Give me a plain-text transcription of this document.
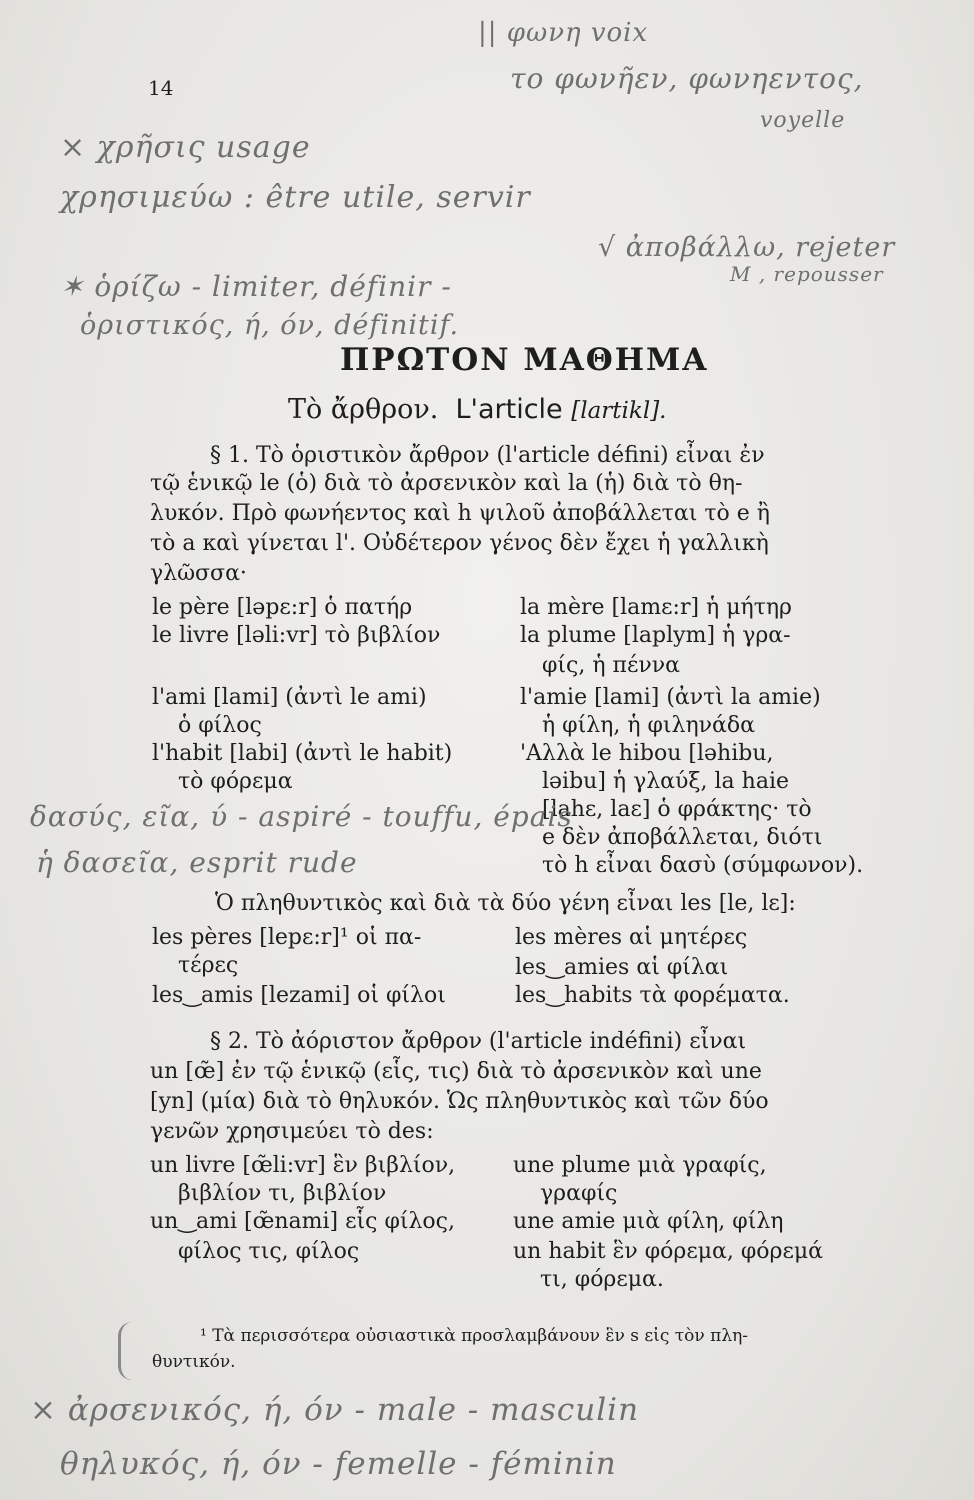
|| φωνη voix
το φωνῆεν, φωνηεντος,
voyelle
× χρῆσις usage
χρησιμεύω : être utile, servir
√ ἀποβάλλω, rejeter
M , repousser
✶ ὁρίζω - limiter, définir -
ὁριστικός, ή, όν, définitif.
14
ΠΡΩΤΟΝ ΜΑΘΗΜΑ
Τὸ ἄρθρον. L'article [lartikl].
§ 1. Τὸ ὁριστικὸν ἄρθρον (l'article défini) εἶναι ἐν
τῷ ἑνικῷ le (ὁ) διὰ τὸ ἀρσενικὸν καὶ la (ἡ) διὰ τὸ θη-
λυκόν. Πρὸ φωνήεντος καὶ h ψιλοῦ ἀποβάλλεται τὸ e ἢ
τὸ a καὶ γίνεται l'. Οὐδέτερον γένος δὲν ἔχει ἡ γαλλικὴ
γλῶσσα·
le père [lәpɛ:r] ὁ πατήρ
le livre [lәli:vr] τὸ βιβλίον
l'ami [lami] (ἀντὶ le ami)
ὁ φίλος
l'habit [labi] (ἀντὶ le habit)
τὸ φόρεμα
la mère [lamɛ:r] ἡ μήτηρ
la plume [laplym] ἡ γρα-
φίς, ἡ πέννα
l'amie [lami] (ἀντὶ la amie)
ἡ φίλη, ἡ φιληνάδα
'Αλλὰ le hibou [lәhibu,
lәibu] ἡ γλαύξ, la haie
[lahɛ, laɛ] ὁ φράκτης· τὸ
e δὲν ἀποβάλλεται, διότι
τὸ h εἶναι δασὺ (σύμφωνον).
δασύς, εῖα, ύ - aspiré - touffu, épais
ἡ δασεῖα, esprit rude
Ὁ πληθυντικὸς καὶ διὰ τὰ δύο γένη εἶναι les [le, lɛ]:
les pères [lepɛ:r]¹ οἱ πα-
τέρες
les‿amis [lezami] οἱ φίλοι
les mères αἱ μητέρες
les‿amies αἱ φίλαι
les‿habits τὰ φορέματα.
§ 2. Τὸ ἀόριστον ἄρθρον (l'article indéfini) εἶναι
un [œ̃] ἐν τῷ ἑνικῷ (εἷς, τις) διὰ τὸ ἀρσενικὸν καὶ une
[yn] (μία) διὰ τὸ θηλυκόν. Ὡς πληθυντικὸς καὶ τῶν δύο
γενῶν χρησιμεύει τὸ des:
un livre [œ̃li:vr] ἓν βιβλίον,
βιβλίον τι, βιβλίον
un‿ami [œ̃nami] εἷς φίλος,
φίλος τις, φίλος
une plume μιὰ γραφίς,
γραφίς
une amie μιὰ φίλη, φίλη
un habit ἓν φόρεμα, φόρεμά
τι, φόρεμα.
¹ Τὰ περισσότερα οὐσιαστικὰ προσλαμβάνουν ἓν s εἰς τὸν πλη-
θυντικόν.
× ἀρσενικός, ή, όν - male - masculin
θηλυκός, ή, όν - femelle - féminin
